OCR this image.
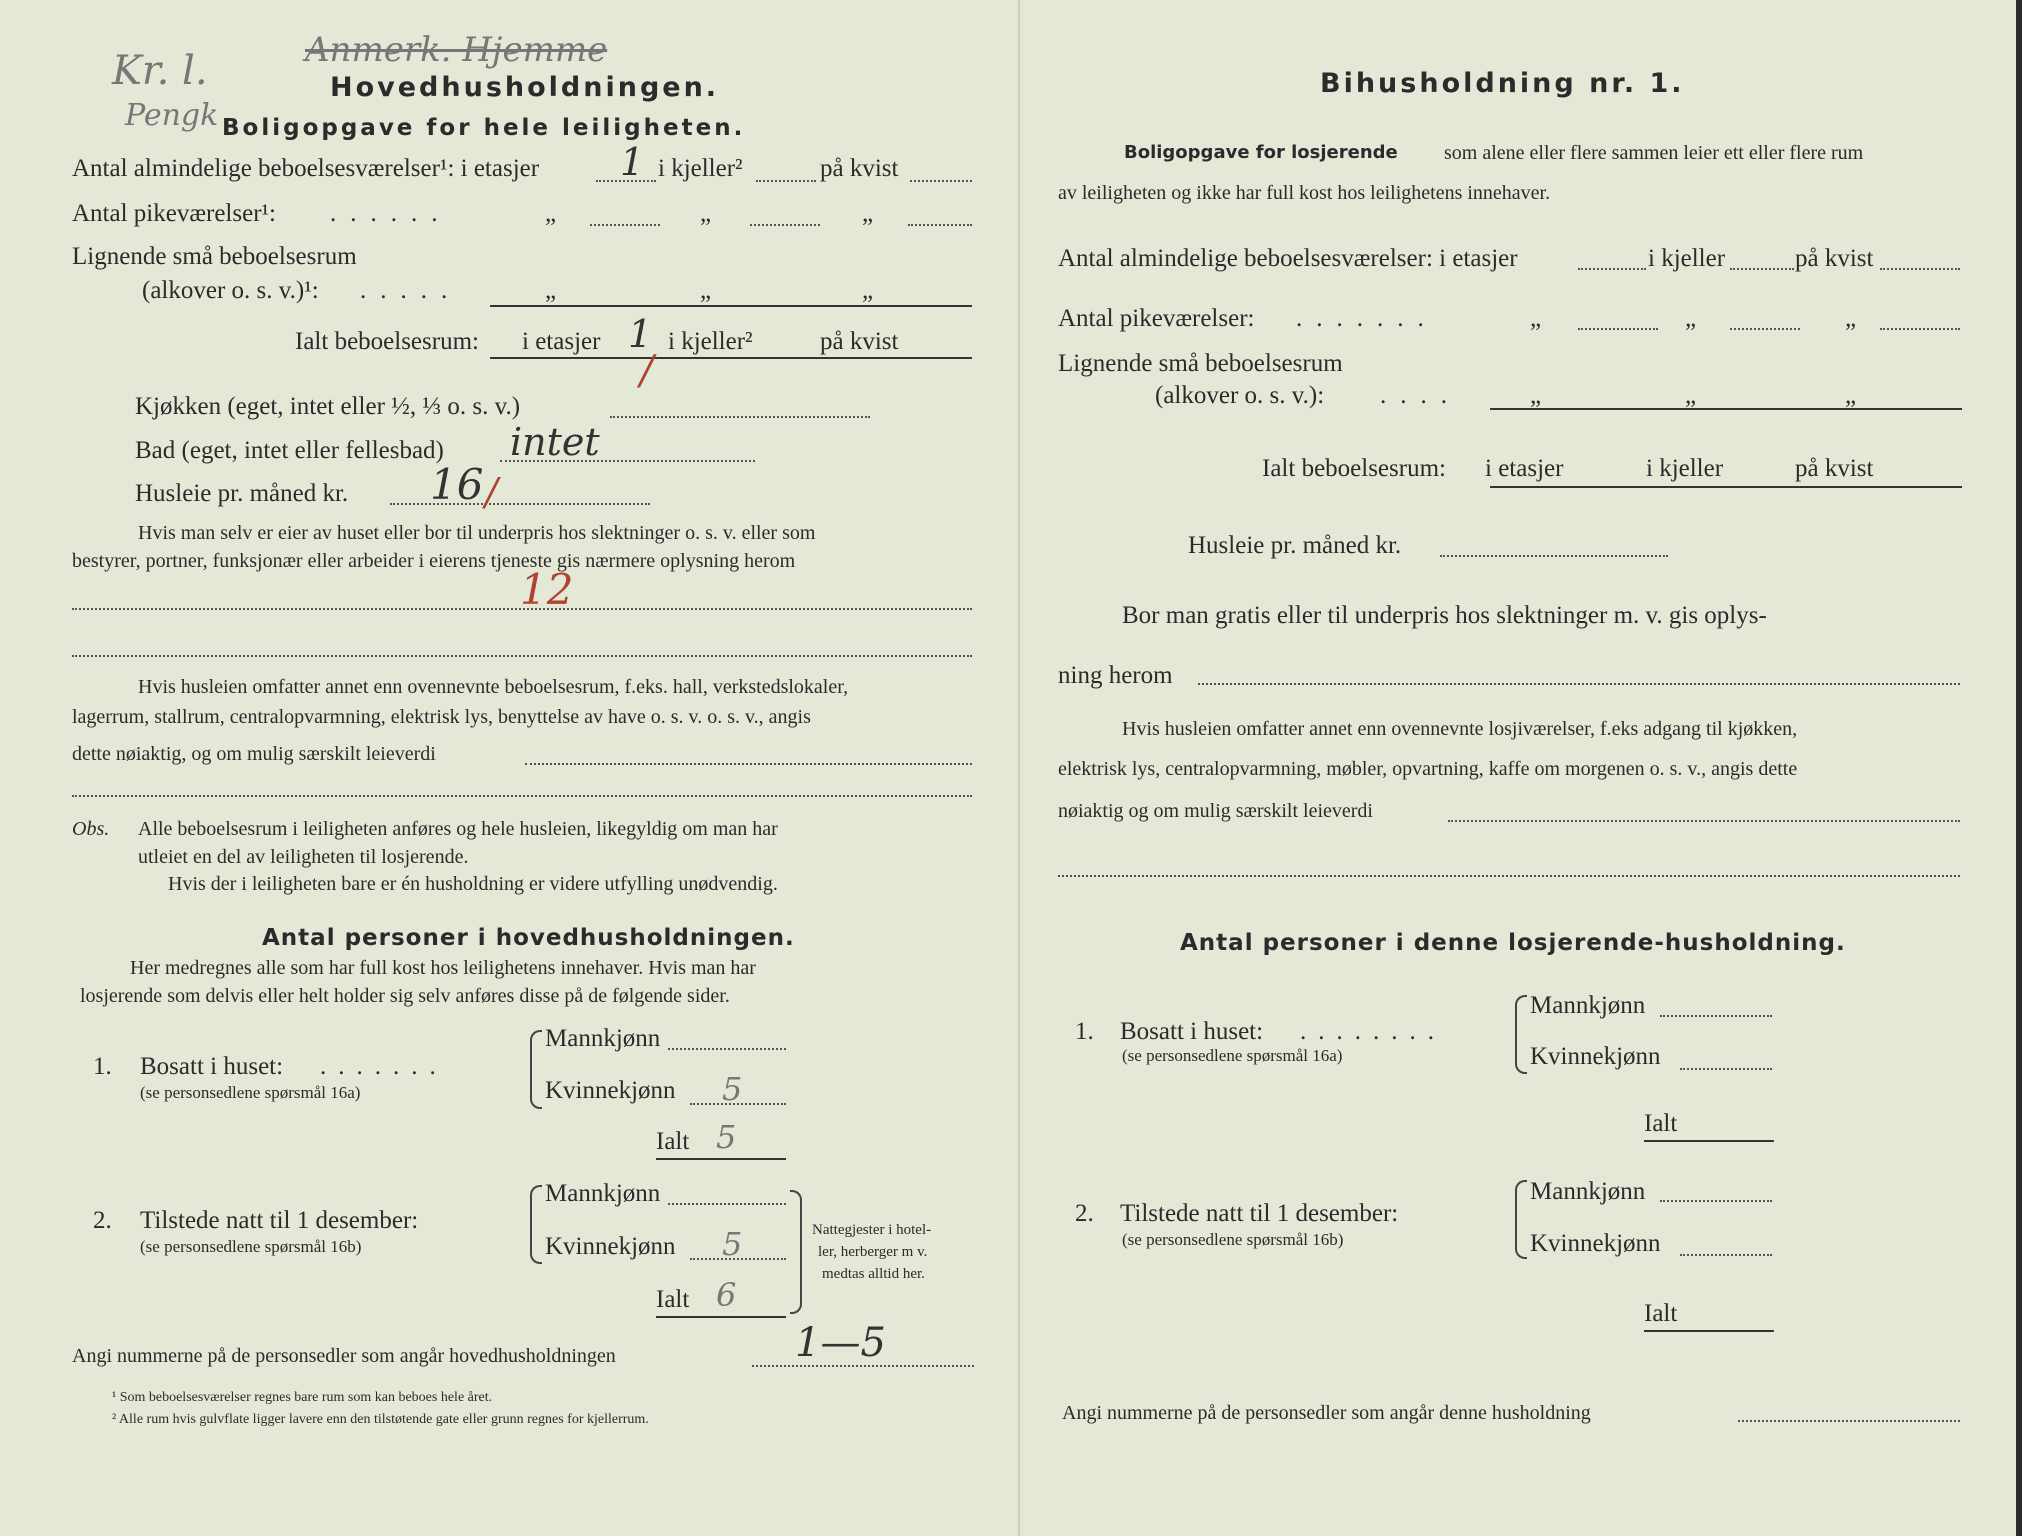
Kr. l.
Pengk
Anmerk. Hjemme
Hovedhusholdningen.
Boligopgave for hele leiligheten.
Antal almindelige beboelsesværelser¹: i etasjer 1 i kjeller²	på kvist
Antal pikeværelser¹: ......	„	„	„
Lignende små beboelsesrum
(alkover o. s. v.)¹: .....	„	„	„
Ialt beboelsesrum: i etasjer 1 i kjeller²	på kvist
/
Kjøkken (eget, intet eller ½, ⅓ o. s. v.)
Bad (eget, intet eller fellesbad) intet
Husleie pr. måned kr. 16 /
Hvis man selv er eier av huset eller bor til underpris hos slektninger o. s. v. eller som
bestyrer, portner, funksjonær eller arbeider i eierens tjeneste gis nærmere oplysning herom
12
Hvis husleien omfatter annet enn ovennevnte beboelsesrum, f.eks. hall, verkstedslokaler,
lagerrum, stallrum, centralopvarmning, elektrisk lys, benyttelse av have o. s. v. o. s. v., angis
dette nøiaktig, og om mulig særskilt leieverdi
Obs. Alle beboelsesrum i leiligheten anføres og hele husleien, likegyldig om man har
utleiet en del av leiligheten til losjerende.
Hvis der i leiligheten bare er én husholdning er videre utfylling unødvendig.
Antal personer i hovedhusholdningen.
Her medregnes alle som har full kost hos leilighetens innehaver. Hvis man har
losjerende som delvis eller helt holder sig selv anføres disse på de følgende sider.
1. Bosatt i huset: .......
(se personsedlene spørsmål 16a)
Mannkjønn
Kvinnekjønn 5
Ialt 5
2. Tilstede natt til 1 desember:
(se personsedlene spørsmål 16b)
Mannkjønn
Kvinnekjønn 5
Ialt 6
Nattegjester i hotel-
ler, herberger m v.
medtas alltid her.
Angi nummerne på de personsedler som angår hovedhusholdningen	1—5
¹ Som beboelsesværelser regnes bare rum som kan beboes hele året.
² Alle rum hvis gulvflate ligger lavere enn den tilstøtende gate eller grunn regnes for kjellerrum.
Bihusholdning nr. 1.
Boligopgave for losjerende som alene eller flere sammen leier ett eller flere rum
av leiligheten og ikke har full kost hos leilighetens innehaver.
Antal almindelige beboelsesværelser: i etasjer	i kjeller	på kvist
Antal pikeværelser: .......	„	„	„
Lignende små beboelsesrum
(alkover o. s. v.): ....	„	„	„
Ialt beboelsesrum: i etasjer	i kjeller	på kvist
Husleie pr. måned kr.
Bor man gratis eller til underpris hos slektninger m. v. gis oplys-
ning herom
Hvis husleien omfatter annet enn ovennevnte losjiværelser, f.eks adgang til kjøkken,
elektrisk lys, centralopvarmning, møbler, opvartning, kaffe om morgenen o. s. v., angis dette
nøiaktig og om mulig særskilt leieverdi
Antal personer i denne losjerende-husholdning.
1. Bosatt i huset: ........
(se personsedlene spørsmål 16a)
Mannkjønn
Kvinnekjønn
Ialt
2. Tilstede natt til 1 desember:
(se personsedlene spørsmål 16b)
Mannkjønn
Kvinnekjønn
Ialt
Angi nummerne på de personsedler som angår denne husholdning
